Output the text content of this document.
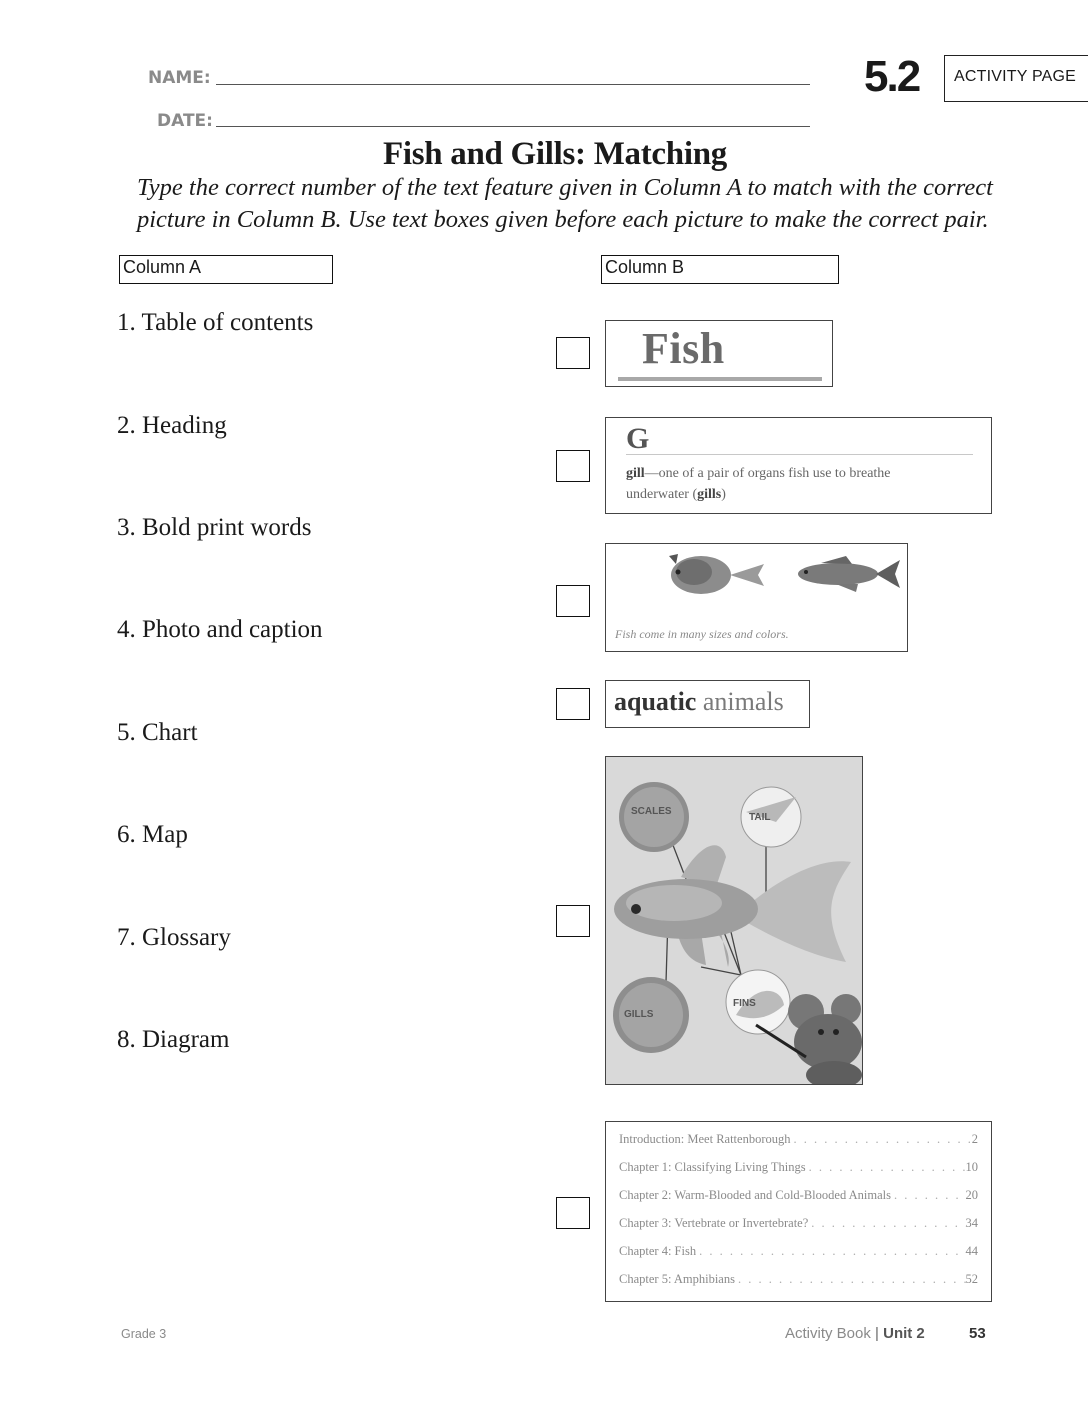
NAME:
DATE:
5.2 ACTIVITY PAGE
Fish and Gills: Matching
Type the correct number of the text feature given in Column A to match with the correct picture in Column B. Use text boxes given before each picture to make the correct pair.
Column A	Column B
1. Table of contents
2. Heading
3. Bold print words
4. Photo and caption
5. Chart
6. Map
7. Glossary
8. Diagram
Fish
G
gill—one of a pair of organs fish use to breathe underwater (gills)
Fish come in many sizes and colors.
aquatic animals
SCALES
TAIL
GILLS
FINS
Introduction: Meet Rattenborough . . .	2
Chapter 1: Classifying Living Things . . .	10
Chapter 2: Warm-Blooded and Cold-Blooded Animals . . .	20
Chapter 3: Vertebrate or Invertebrate? . . .	34
Chapter 4: Fish . . .	44
Chapter 5: Amphibians . . .	52
Grade 3	Activity Book | Unit 2	53
